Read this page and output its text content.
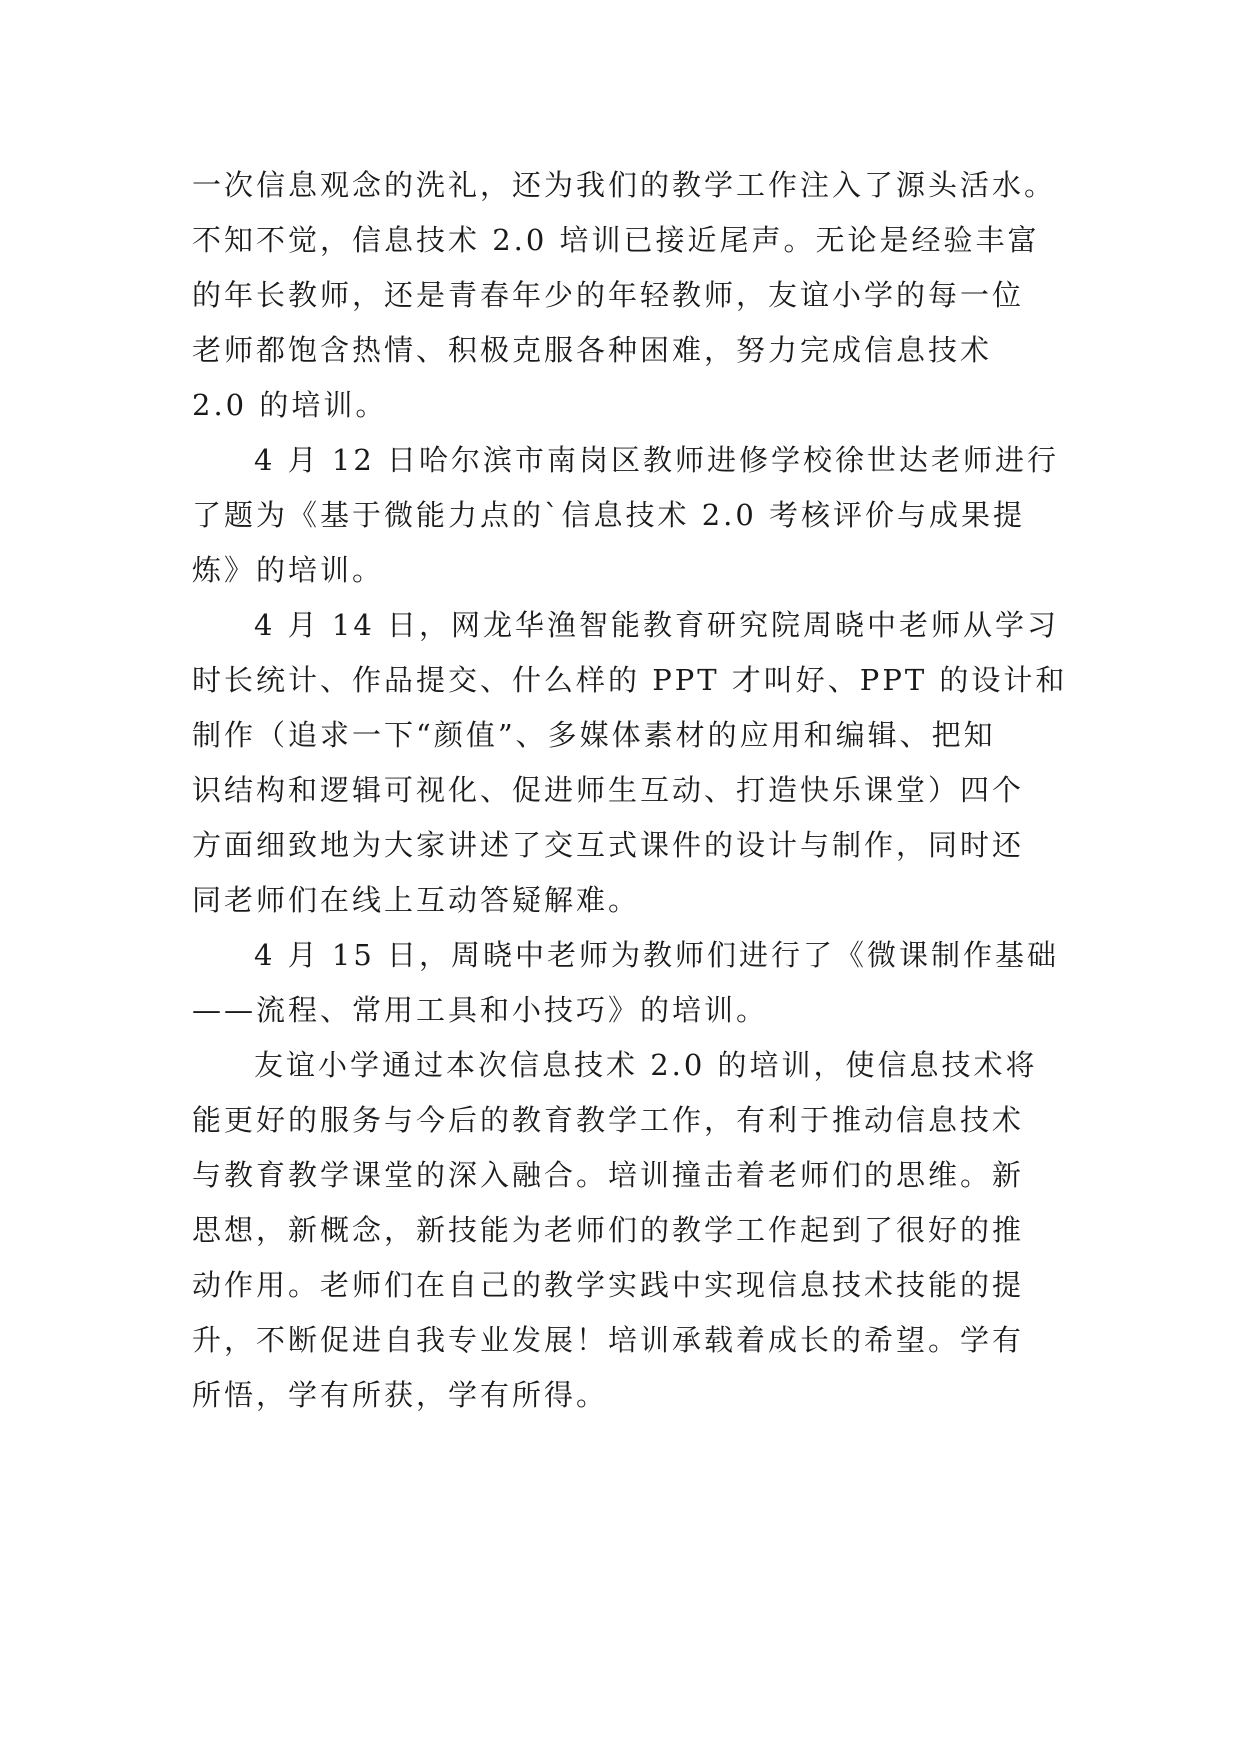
一次信息观念的洗礼，还为我们的教学工作注入了源头活水。
不知不觉，信息技术 2.0 培训已接近尾声。无论是经验丰富
的年长教师，还是青春年少的年轻教师，友谊小学的每一位
老师都饱含热情、积极克服各种困难，努力完成信息技术
2.0 的培训。
4 月 12 日哈尔滨市南岗区教师进修学校徐世达老师进行
了题为《基于微能力点的`信息技术 2.0 考核评价与成果提
炼》的培训。
4 月 14 日，网龙华渔智能教育研究院周晓中老师从学习
时长统计、作品提交、什么样的 PPT 才叫好、PPT 的设计和
制作（追求一下“颜值”、多媒体素材的应用和编辑、把知
识结构和逻辑可视化、促进师生互动、打造快乐课堂）四个
方面细致地为大家讲述了交互式课件的设计与制作，同时还
同老师们在线上互动答疑解难。
4 月 15 日，周晓中老师为教师们进行了《微课制作基础
——流程、常用工具和小技巧》的培训。
友谊小学通过本次信息技术 2.0 的培训，使信息技术将
能更好的服务与今后的教育教学工作，有利于推动信息技术
与教育教学课堂的深入融合。培训撞击着老师们的思维。新
思想，新概念，新技能为老师们的教学工作起到了很好的推
动作用。老师们在自己的教学实践中实现信息技术技能的提
升，不断促进自我专业发展！培训承载着成长的希望。学有
所悟，学有所获，学有所得。
